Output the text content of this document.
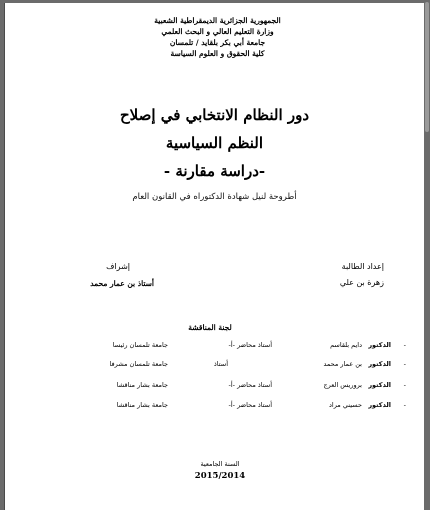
الجمهورية الجزائرية الديمقراطية الشعبية
وزارة التعليم العالي و البحث العلمي
جامعة أبي بكر بلقايد / تلمسان
كلية الحقوق و العلوم السياسة
دور النظام الانتخابي في إصلاح
النظم السياسية
-دراسة مقارنة -
أطروحة لنيل شهادة الدكتوراه في القانون العام
إعداد الطالبة
زهرة بن علي
إشراف
أستاذ بن عمار محمد
لجنة المناقشة
-
الدكتور
دايم بلقاسم
أستاذ محاضر -أ-
جامعة تلمسان رئيسا
-
الدكتور
بن عمار محمد
أستاذ
جامعة تلمسان مشرفا
-
الدكتور
بروريس العرج
أستاذ محاضر -أ-
جامعة بشار مناقشا
-
الدكتور
حسيني مراد
أستاذ محاضر -أ-
جامعة بشار مناقشا
السنة الجامعية
2015/2014
